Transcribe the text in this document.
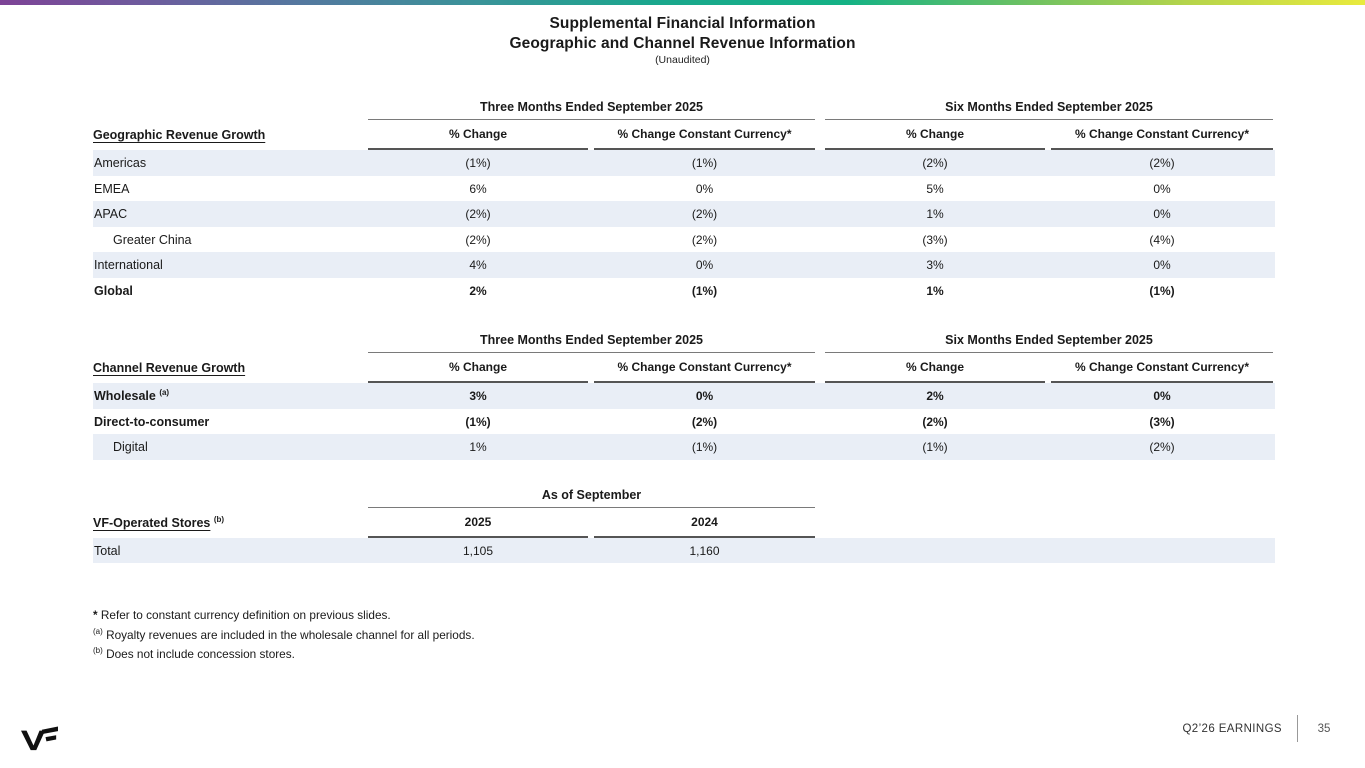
Supplemental Financial Information
Geographic and Channel Revenue Information
(Unaudited)
Three Months Ended September 2025	Six Months Ended September 2025
Geographic Revenue Growth	% Change	% Change Constant Currency*	% Change	% Change Constant Currency*
Americas	(1%)	(1%)	(2%)	(2%)
EMEA	6%	0%	5%	0%
APAC	(2%)	(2%)	1%	0%
Greater China	(2%)	(2%)	(3%)	(4%)
International	4%	0%	3%	0%
Global	2%	(1%)	1%	(1%)
Three Months Ended September 2025	Six Months Ended September 2025
Channel Revenue Growth	% Change	% Change Constant Currency*	% Change	% Change Constant Currency*
Wholesale $^{(a)}$	3%	0%	2%	0%
Direct-to-consumer	(1%)	(2%)	(2%)	(3%)
Digital	1%	(1%)	(1%)	(2%)
As of September
VF-Operated Stores $^{(b)}$	2025	2024
Total	1,105	1,160
* Refer to constant currency definition on previous slides.
$^{(a)}$ Royalty revenues are included in the wholesale channel for all periods.
$^{(b)}$ Does not include concession stores.
Q2’26 EARNINGS	35
